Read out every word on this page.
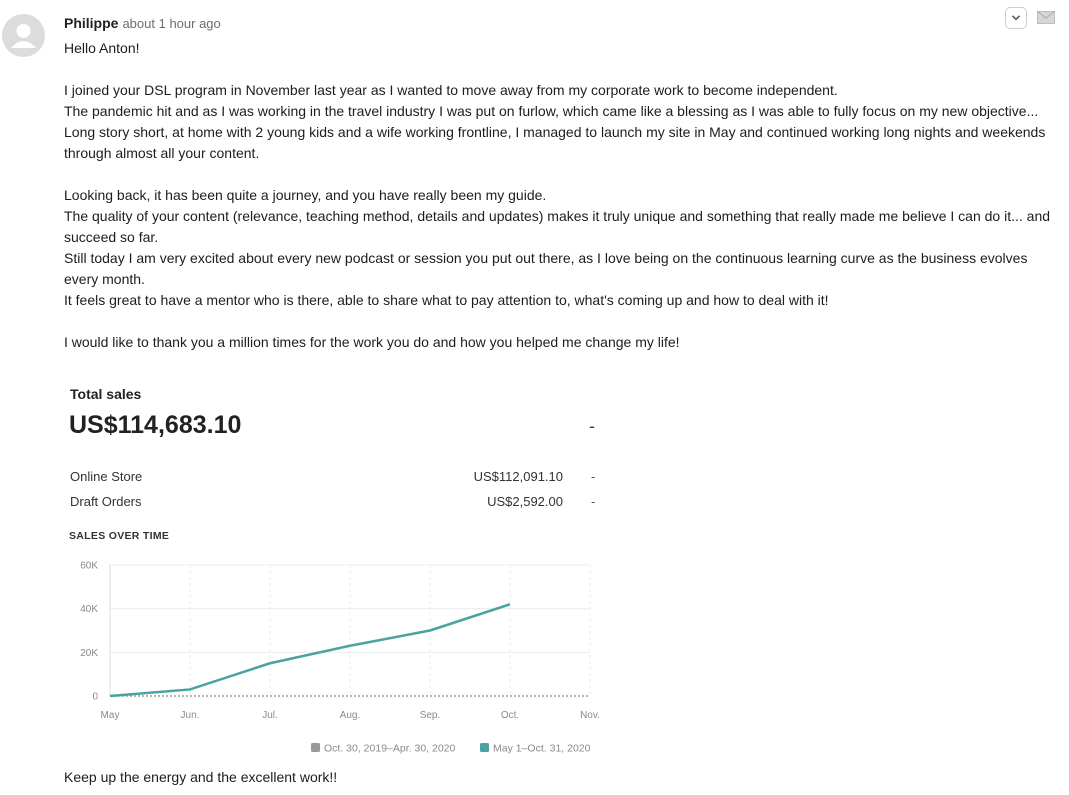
Philippe about 1 hour ago

Hello Anton!

I joined your DSL program in November last year as I wanted to move away from my corporate work to become independent.

The pandemic hit and as I was working in the travel industry I was put on furlow, which came like a blessing as I was able to fully focus on my new objective...

Long story short, at home with 2 young kids and a wife working frontline, I managed to launch my site in May and continued working long nights and weekends through almost all your content.

Looking back, it has been quite a journey, and you have really been my guide.

The quality of your content (relevance, teaching method, details and updates) makes it truly unique and something that really made me believe I can do it... and succeed so far.

Still today I am very excited about every new podcast or session you put out there, as I love being on the continuous learning curve as the business evolves every month.

It feels great to have a mentor who is there, able to share what to pay attention to, what's coming up and how to deal with it!

I would like to thank you a million times for the work you do and how you helped me change my life!

Total sales
US$114,683.10	-
Online Store	US$112,091.10 -
Draft Orders	US$2,592.00 -
SALES OVER TIME
0
20K
40K
60K
May	Jun.	Jul.	Aug.	Sep.	Oct.	Nov.
Oct. 30, 2019–Apr. 30, 2020	May 1–Oct. 31, 2020
Keep up the energy and the excellent work!!
